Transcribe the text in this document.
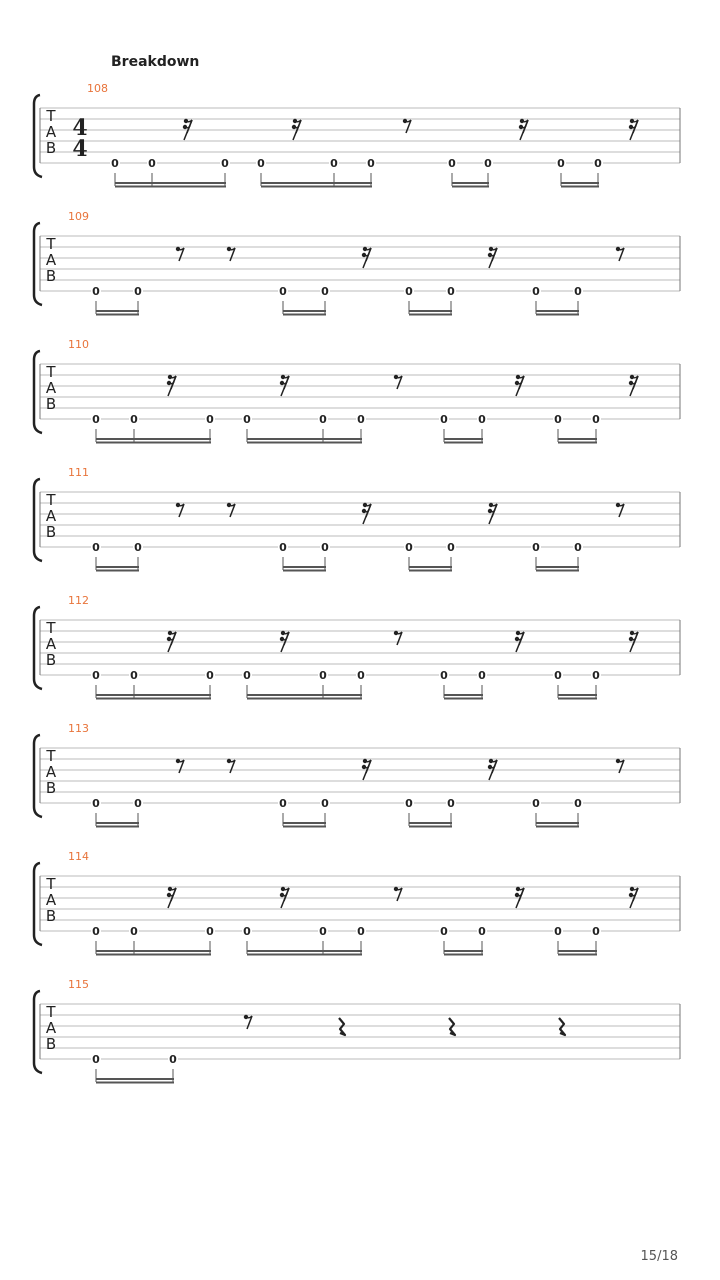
Breakdown
108
T
A
B
4
4
0	0	0	0	0	0	0	0	0	0
109
T
A
B
0	0	0	0	0	0	0	0
110
T
A
B
0	0	0	0	0	0	0	0	0	0
111
T
A
B
0	0	0	0	0	0	0	0
112
T
A
B
0	0	0	0	0	0	0	0	0	0
113
T
A
B
0	0	0	0	0	0	0	0
114
T
A
B
0	0	0	0	0	0	0	0	0	0
115
T
A
B
0	0
15/18
